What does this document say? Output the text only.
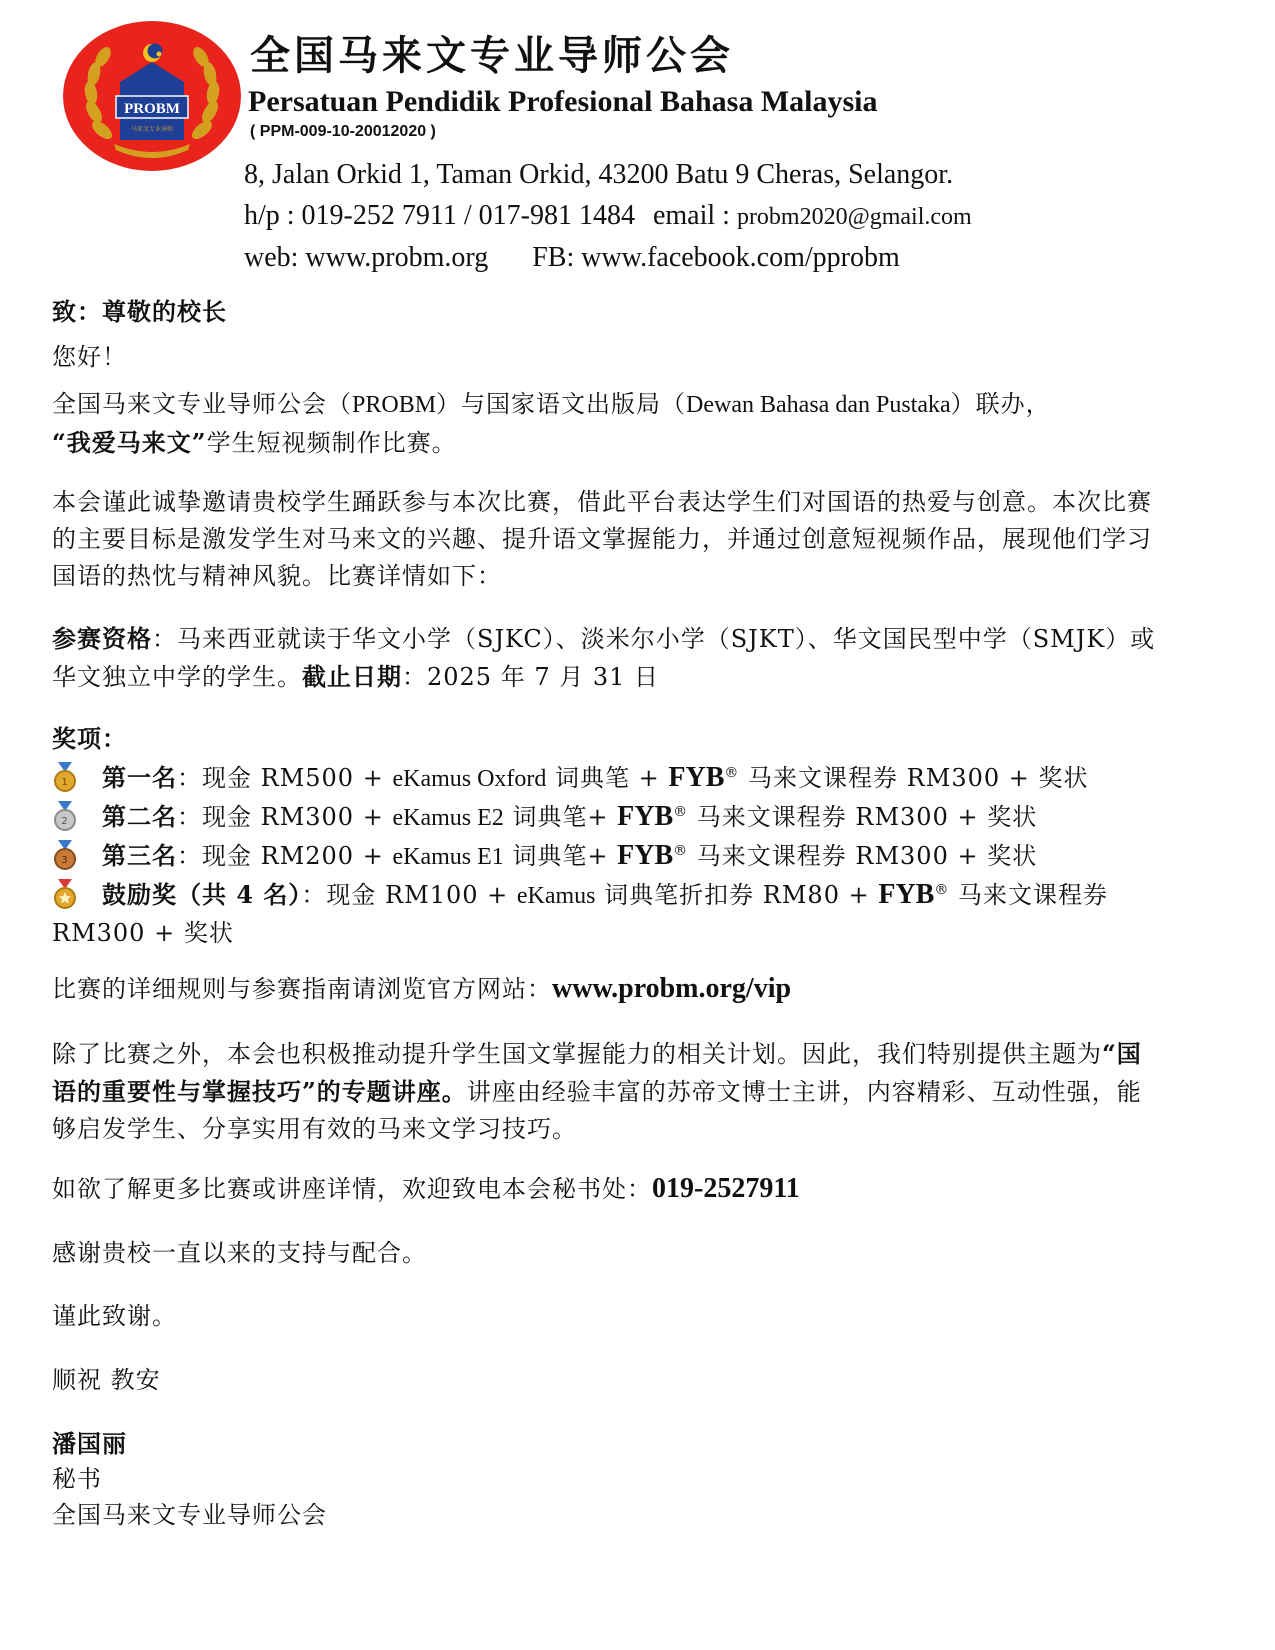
PROBM
马来文专业导师
全国马来文专业导师公会
Persatuan Pendidik Profesional Bahasa Malaysia
( PPM-009-10-20012020 )
8, Jalan Orkid 1, Taman Orkid, 43200 Batu 9 Cheras, Selangor.
h/p : 019-252 7911 / 017-981 1484 email : probm2020@gmail.com
web: www.probm.org FB: www.facebook.com/pprobm
致：尊敬的校长
您好！
全国马来文专业导师公会（PROBM）与国家语文出版局（Dewan Bahasa dan Pustaka）联办，
“我爱马来文”学生短视频制作比赛。
本会谨此诚挚邀请贵校学生踊跃参与本次比赛，借此平台表达学生们对国语的热爱与创意。本次比赛的主要目标是激发学生对马来文的兴趣、提升语文掌握能力，并通过创意短视频作品，展现他们学习国语的热忱与精神风貌。比赛详情如下：
参赛资格：马来西亚就读于华文小学（SJKC）、淡米尔小学（SJKT）、华文国民型中学（SMJK）或华文独立中学的学生。截止日期：2025 年 7 月 31 日
奖项：
1 第一名：现金 RM500 + eKamus Oxford 词典笔 + FYB® 马来文课程券 RM300 + 奖状
2 第二名：现金 RM300 + eKamus E2 词典笔+ FYB® 马来文课程券 RM300 + 奖状
3 第三名：现金 RM200 + eKamus E1 词典笔+ FYB® 马来文课程券 RM300 + 奖状
鼓励奖（共 4 名）：现金 RM100 + eKamus 词典笔折扣券 RM80 + FYB® 马来文课程券 RM300 + 奖状
比赛的详细规则与参赛指南请浏览官方网站：www.probm.org/vip
除了比赛之外，本会也积极推动提升学生国文掌握能力的相关计划。因此，我们特别提供主题为“国语的重要性与掌握技巧”的专题讲座。讲座由经验丰富的苏帝文博士主讲，内容精彩、互动性强，能够启发学生、分享实用有效的马来文学习技巧。
如欲了解更多比赛或讲座详情，欢迎致电本会秘书处：019-2527911
感谢贵校一直以来的支持与配合。
谨此致谢。
顺祝 教安
潘国丽
秘书
全国马来文专业导师公会
